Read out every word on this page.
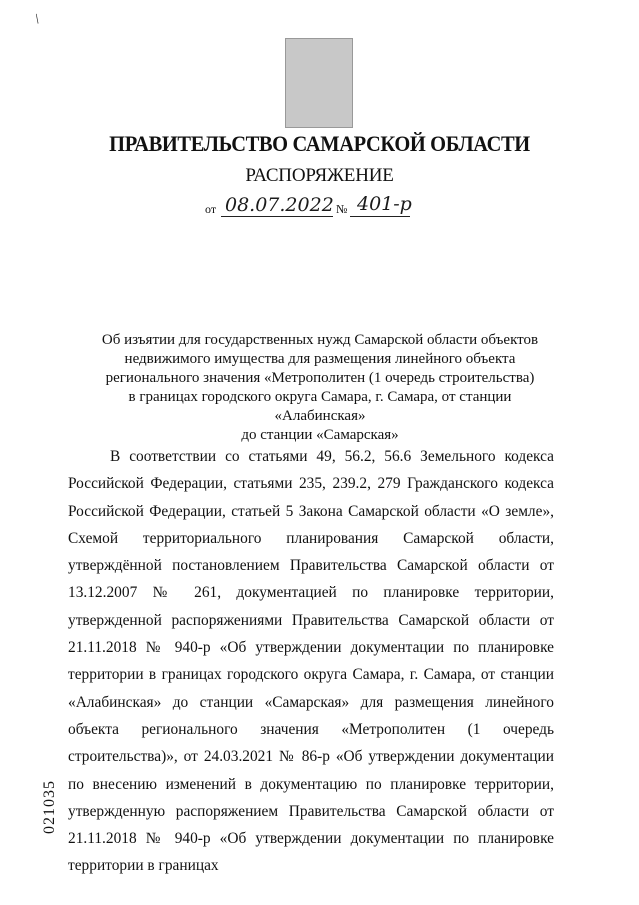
/
ПРАВИТЕЛЬСТВО САМАРСКОЙ ОБЛАСТИ
РАСПОРЯЖЕНИЕ
от 08.07.2022 № 401-р
Об изъятии для государственных нужд Самарской области объектов
недвижимого имущества для размещения линейного объекта
регионального значения «Метрополитен (1 очередь строительства)
в границах городского округа Самара, г. Самара, от станции «Алабинская»
до станции «Самарская»

В соответствии со статьями 49, 56.2, 56.6 Земельного кодекса Российской Федерации, статьями 235, 239.2, 279 Гражданского кодекса Российской Федерации, статьей 5 Закона Самарской области «О земле», Схемой территориального планирования Самарской области, утверждённой постановлением Правительства Самарской области от 13.12.2007 № 261, документацией по планировке территории, утвержденной распоряжениями Правительства Самарской области от 21.11.2018 № 940-р «Об утверждении документации по планировке территории в границах городского округа Самара, г. Самара, от станции «Алабинская» до станции «Самарская» для размещения линейного объекта регионального значения «Метрополитен (1 очередь строительства)», от 24.03.2021 № 86-р «Об утверждении документации по внесению изменений в документацию по планировке территории, утвержденную распоряжением Правительства Самарской области от 21.11.2018 № 940-р «Об утверждении документации по планировке территории в границах

021035
